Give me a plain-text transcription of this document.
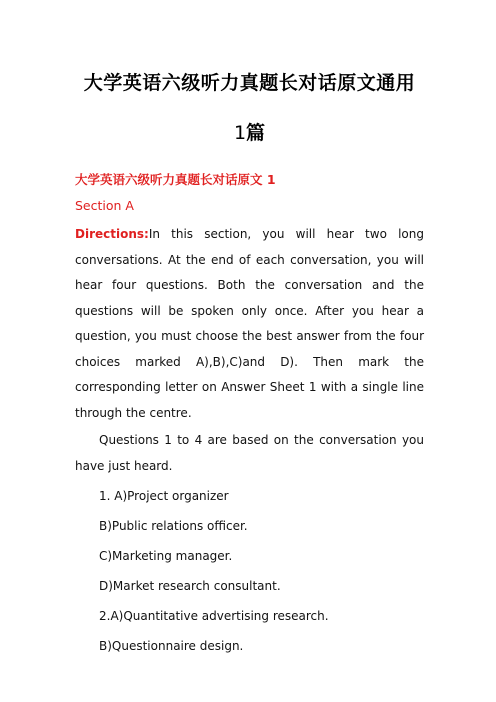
大学英语六级听力真题长对话原文通用
1篇
大学英语六级听力真题长对话原文 1
Section A

Directions:In this section, you will hear two long conversations. At the end of each conversation, you will hear four questions. Both the conversation and the questions will be spoken only once. After you hear a question, you must choose the best answer from the four choices marked A),B),C)and D). Then mark the corresponding letter on Answer Sheet 1 with a single line through the centre.

Questions 1 to 4 are based on the conversation you have just heard.

1. A)Project organizer

B)Public relations officer.

C)Marketing manager.

D)Market research consultant.

2.A)Quantitative advertising research.

B)Questionnaire design.
